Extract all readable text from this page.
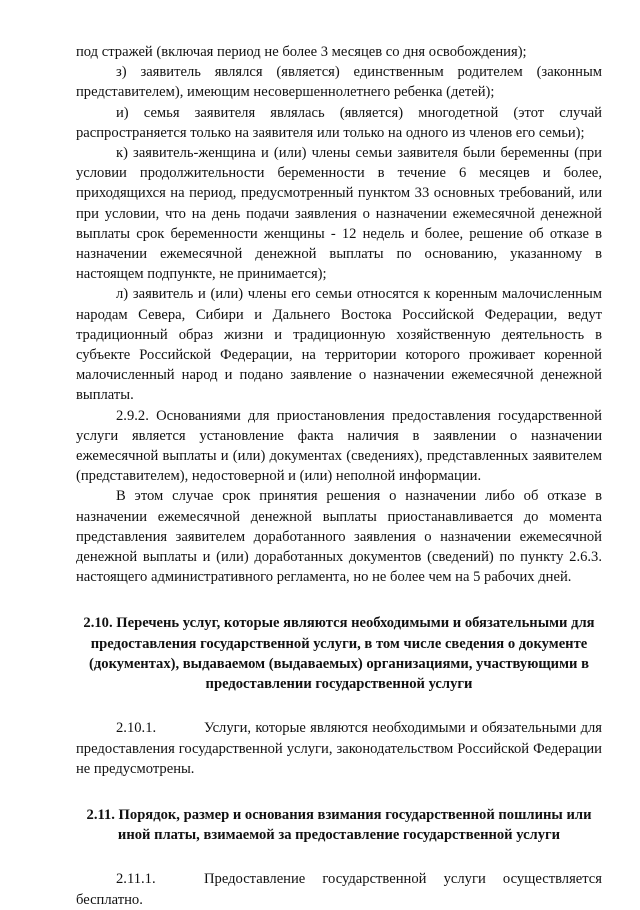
под стражей (включая период не более 3 месяцев со дня освобождения);

з) заявитель являлся (является) единственным родителем (законным представителем), имеющим несовершеннолетнего ребенка (детей);

и) семья заявителя являлась (является) многодетной (этот случай распространяется только на заявителя или только на одного из членов его семьи);

к) заявитель-женщина и (или) члены семьи заявителя были беременны (при условии продолжительности беременности в течение 6 месяцев и более, приходящихся на период, предусмотренный пунктом 33 основных требований, или при условии, что на день подачи заявления о назначении ежемесячной денежной выплаты срок беременности женщины - 12 недель и более, решение об отказе в назначении ежемесячной денежной выплаты по основанию, указанному в настоящем подпункте, не принимается);

л) заявитель и (или) члены его семьи относятся к коренным малочисленным народам Севера, Сибири и Дальнего Востока Российской Федерации, ведут традиционный образ жизни и традиционную хозяйственную деятельность в субъекте Российской Федерации, на территории которого проживает коренной малочисленный народ и подано заявление о назначении ежемесячной денежной выплаты.

2.9.2. Основаниями для приостановления предоставления государственной услуги является установление факта наличия в заявлении о назначении ежемесячной выплаты и (или) документах (сведениях), представленных заявителем (представителем), недостоверной и (или) неполной информации.

В этом случае срок принятия решения о назначении либо об отказе в назначении ежемесячной денежной выплаты приостанавливается до момента представления заявителем доработанного заявления о назначении ежемесячной денежной выплаты и (или) доработанных документов (сведений) по пункту 2.6.3. настоящего административного регламента, но не более чем на 5 рабочих дней.

2.10. Перечень услуг, которые являются необходимыми и обязательными для предоставления государственной услуги, в том числе сведения о документе (документах), выдаваемом (выдаваемых) организациями, участвующими в предоставлении государственной услуги

2.10.1.	Услуги, которые являются необходимыми и обязательными для предоставления государственной услуги, законодательством Российской Федерации не предусмотрены.

2.11. Порядок, размер и основания взимания государственной пошлины или иной платы, взимаемой за предоставление государственной услуги

2.11.1.	Предоставление государственной услуги осуществляется бесплатно.
